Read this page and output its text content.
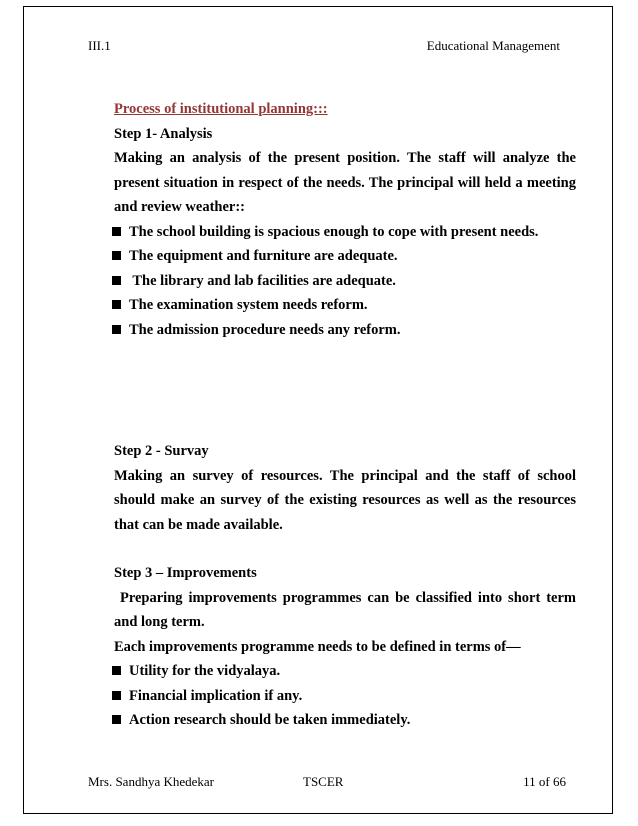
III.1	Educational Management
Process of institutional planning:::
Step 1- Analysis
Making an analysis of the present position. The staff will analyze the present situation in respect of the needs. The principal will held a meeting and review weather::
The school building is spacious enough to cope with present needs.
The equipment and furniture are adequate.
The library and lab facilities are adequate.
The examination system needs reform.
The admission procedure needs any reform.
Step 2 - Survay
Making an survey of resources. The principal and the staff of school should make an survey of the existing resources as well as the resources that can be made available.
Step 3 – Improvements
Preparing improvements programmes can be classified into short term and long term.
Each improvements programme needs to be defined in terms of—
Utility for the vidyalaya.
Financial implication if any.
Action research should be taken immediately.
Mrs. Sandhya Khedekar	TSCER	11 of 66
